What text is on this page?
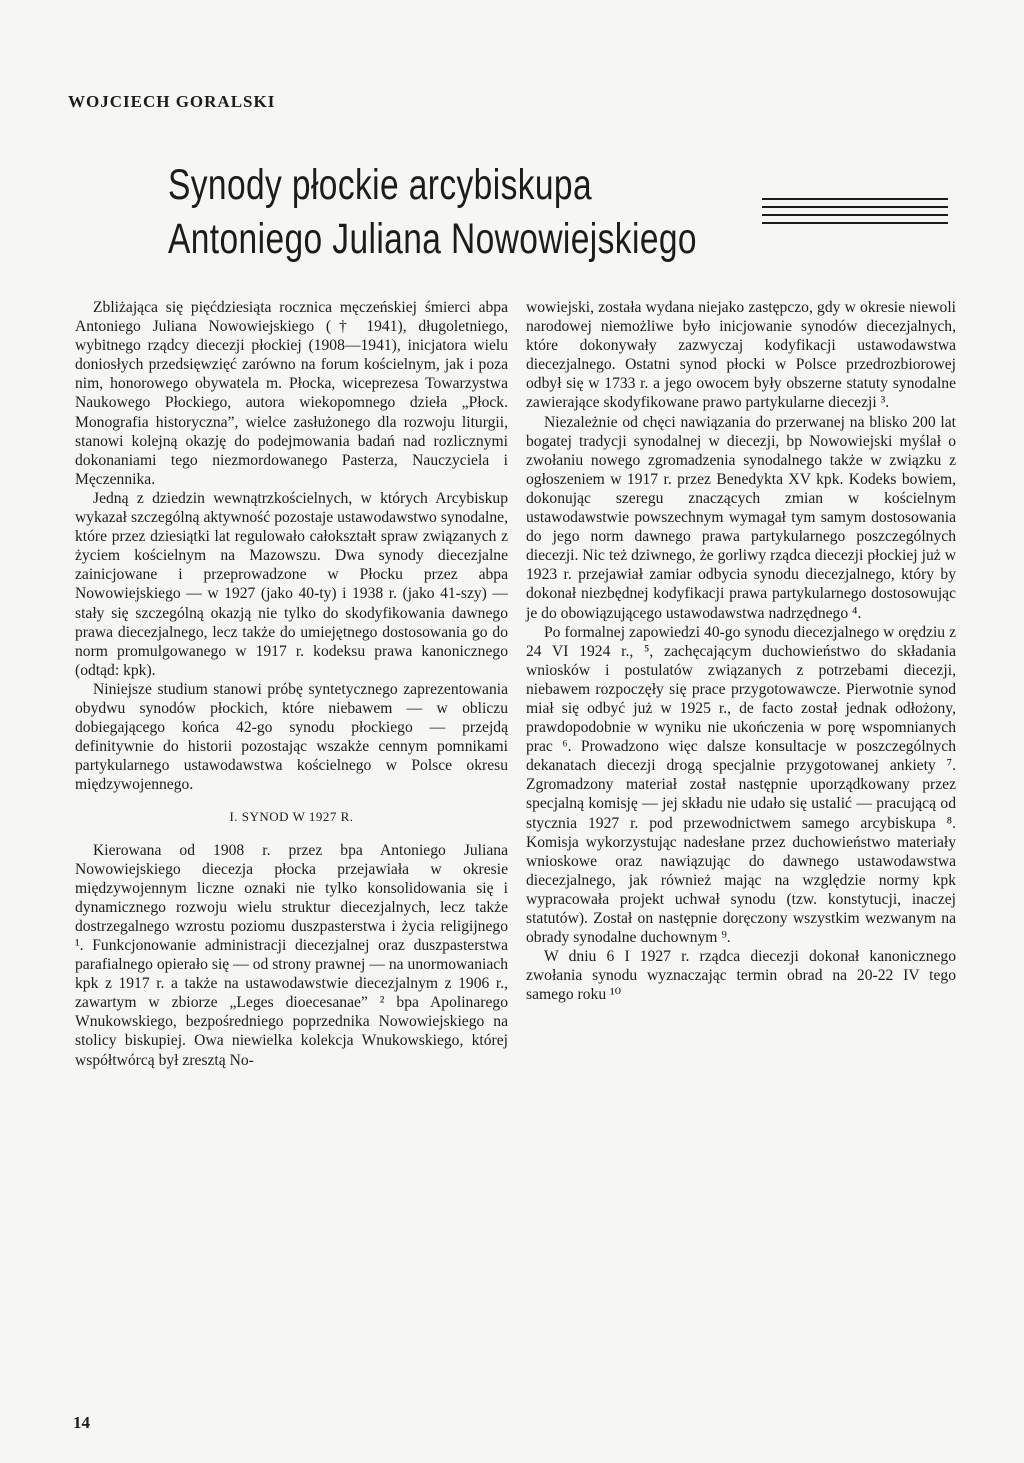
WOJCIECH GORALSKI
Synody płockie arcybiskupa
Antoniego Juliana Nowowiejskiego

Zbliżająca się pięćdziesiąta rocznica męczeńskiej śmierci abpa Antoniego Juliana Nowowiejskiego († 1941), długoletniego, wybitnego rządcy diecezji płockiej (1908—1941), inicjatora wielu doniosłych przedsięwzięć zarówno na forum kościelnym, jak i poza nim, honorowego obywatela m. Płocka, wiceprezesa Towarzystwa Naukowego Płockiego, autora wiekopomnego dzieła „Płock. Monografia historyczna”, wielce zasłużonego dla rozwoju liturgii, stanowi kolejną okazję do podejmowania badań nad rozlicznymi dokonaniami tego niezmordowanego Pasterza, Nauczyciela i Męczennika.

Jedną z dziedzin wewnątrzkościelnych, w których Arcybiskup wykazał szczególną aktywność pozostaje ustawodawstwo synodalne, które przez dziesiątki lat regulowało całokształt spraw związanych z życiem kościelnym na Mazowszu. Dwa synody diecezjalne zainicjowane i przeprowadzone w Płocku przez abpa Nowowiejskiego — w 1927 (jako 40-ty) i 1938 r. (jako 41-szy) — stały się szczególną okazją nie tylko do skodyfikowania dawnego prawa diecezjalnego, lecz także do umiejętnego dostosowania go do norm promulgowanego w 1917 r. kodeksu prawa kanonicznego (odtąd: kpk).

Niniejsze studium stanowi próbę syntetycznego zaprezentowania obydwu synodów płockich, które niebawem — w obliczu dobiegającego końca 42-go synodu płockiego — przejdą definitywnie do historii pozostając wszakże cennym pomnikami partykularnego ustawodawstwa kościelnego w Polsce okresu międzywojennego.

I. SYNOD W 1927 R.

Kierowana od 1908 r. przez bpa Antoniego Juliana Nowowiejskiego diecezja płocka przejawiała w okresie międzywojennym liczne oznaki nie tylko konsolidowania się i dynamicznego rozwoju wielu struktur diecezjalnych, lecz także dostrzegalnego wzrostu poziomu duszpasterstwa i życia religijnego ¹. Funkcjonowanie administracji diecezjalnej oraz duszpasterstwa parafialnego opierało się — od strony prawnej — na unormowaniach kpk z 1917 r. a także na ustawodawstwie diecezjalnym z 1906 r., zawartym w zbiorze „Leges dioecesanae” ² bpa Apolinarego Wnukowskiego, bezpośredniego poprzednika Nowowiejskiego na stolicy biskupiej. Owa niewielka kolekcja Wnukowskiego, której współtwórcą był zresztą No-

wowiejski, została wydana niejako zastępczo, gdy w okresie niewoli narodowej niemożliwe było inicjowanie synodów diecezjalnych, które dokonywały zazwyczaj kodyfikacji ustawodawstwa diecezjalnego. Ostatni synod płocki w Polsce przedrozbiorowej odbył się w 1733 r. a jego owocem były obszerne statuty synodalne zawierające skodyfikowane prawo partykularne diecezji ³.

Niezależnie od chęci nawiązania do przerwanej na blisko 200 lat bogatej tradycji synodalnej w diecezji, bp Nowowiejski myślał o zwołaniu nowego zgromadzenia synodalnego także w związku z ogłoszeniem w 1917 r. przez Benedykta XV kpk. Kodeks bowiem, dokonując szeregu znaczących zmian w kościelnym ustawodawstwie powszechnym wymagał tym samym dostosowania do jego norm dawnego prawa partykularnego poszczególnych diecezji. Nic też dziwnego, że gorliwy rządca diecezji płockiej już w 1923 r. przejawiał zamiar odbycia synodu diecezjalnego, który by dokonał niezbędnej kodyfikacji prawa partykularnego dostosowując je do obowiązującego ustawodawstwa nadrzędnego ⁴.

Po formalnej zapowiedzi 40-go synodu diecezjalnego w orędziu z 24 VI 1924 r., ⁵, zachęcającym duchowieństwo do składania wniosków i postulatów związanych z potrzebami diecezji, niebawem rozpoczęły się prace przygotowawcze. Pierwotnie synod miał się odbyć już w 1925 r., de facto został jednak odłożony, prawdopodobnie w wyniku nie ukończenia w porę wspomnianych prac ⁶. Prowadzono więc dalsze konsultacje w poszczególnych dekanatach diecezji drogą specjalnie przygotowanej ankiety ⁷. Zgromadzony materiał został następnie uporządkowany przez specjalną komisję — jej składu nie udało się ustalić — pracującą od stycznia 1927 r. pod przewodnictwem samego arcybiskupa ⁸. Komisja wykorzystując nadesłane przez duchowieństwo materiały wnioskowe oraz nawiązując do dawnego ustawodawstwa diecezjalnego, jak również mając na względzie normy kpk wypracowała projekt uchwał synodu (tzw. konstytucji, inaczej statutów). Został on następnie doręczony wszystkim wezwanym na obrady synodalne duchownym ⁹.

W dniu 6 I 1927 r. rządca diecezji dokonał kanonicznego zwołania synodu wyznaczając termin obrad na 20-22 IV tego samego roku ¹⁰

14
